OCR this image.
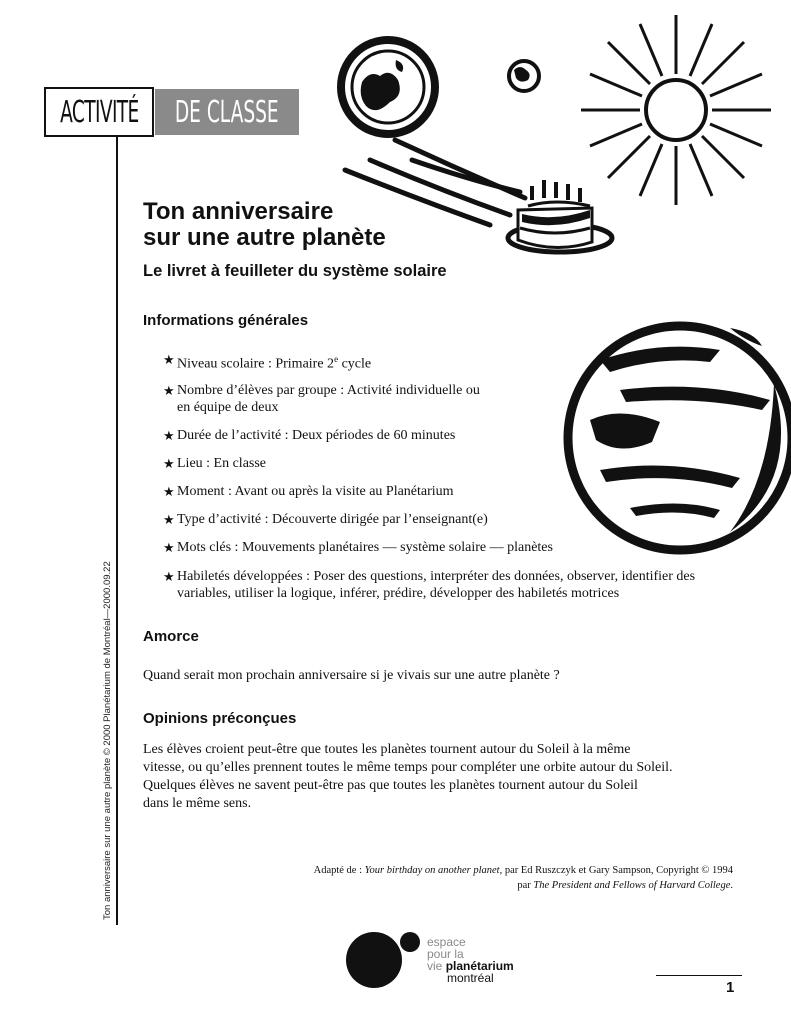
ACTIVITÉ DE CLASSE
Ton anniversaire sur une autre planète © 2000 Planétarium de Montréal—2000.09.22
Ton anniversaire
sur une autre planète
Le livret à feuilleter du système solaire
Informations générales
★ Niveau scolaire : Primaire 2e cycle
★ Nombre d’élèves par groupe : Activité individuelle ou
en équipe de deux
★ Durée de l’activité : Deux périodes de 60 minutes
★ Lieu : En classe
★ Moment : Avant ou après la visite au Planétarium
★ Type d’activité : Découverte dirigée par l’enseignant(e)
★ Mots clés : Mouvements planétaires — système solaire — planètes
★ Habiletés développées : Poser des questions, interpréter des données, observer, identifier des
variables, utiliser la logique, inférer, prédire, développer des habiletés motrices
Amorce

Quand serait mon prochain anniversaire si je vivais sur une autre planète ?

Opinions préconçues
Les élèves croient peut-être que toutes les planètes tournent autour du Soleil à la même
vitesse, ou qu’elles prennent toutes le même temps pour compléter une orbite autour du Soleil.
Quelques élèves ne savent peut-être pas que toutes les planètes tournent autour du Soleil
dans le même sens.
Adapté de : Your birthday on another planet, par Ed Ruszczyk et Gary Sampson, Copyright © 1994
par The President and Fellows of Harvard College.
espace
pour la
vie planétarium
montréal
1
